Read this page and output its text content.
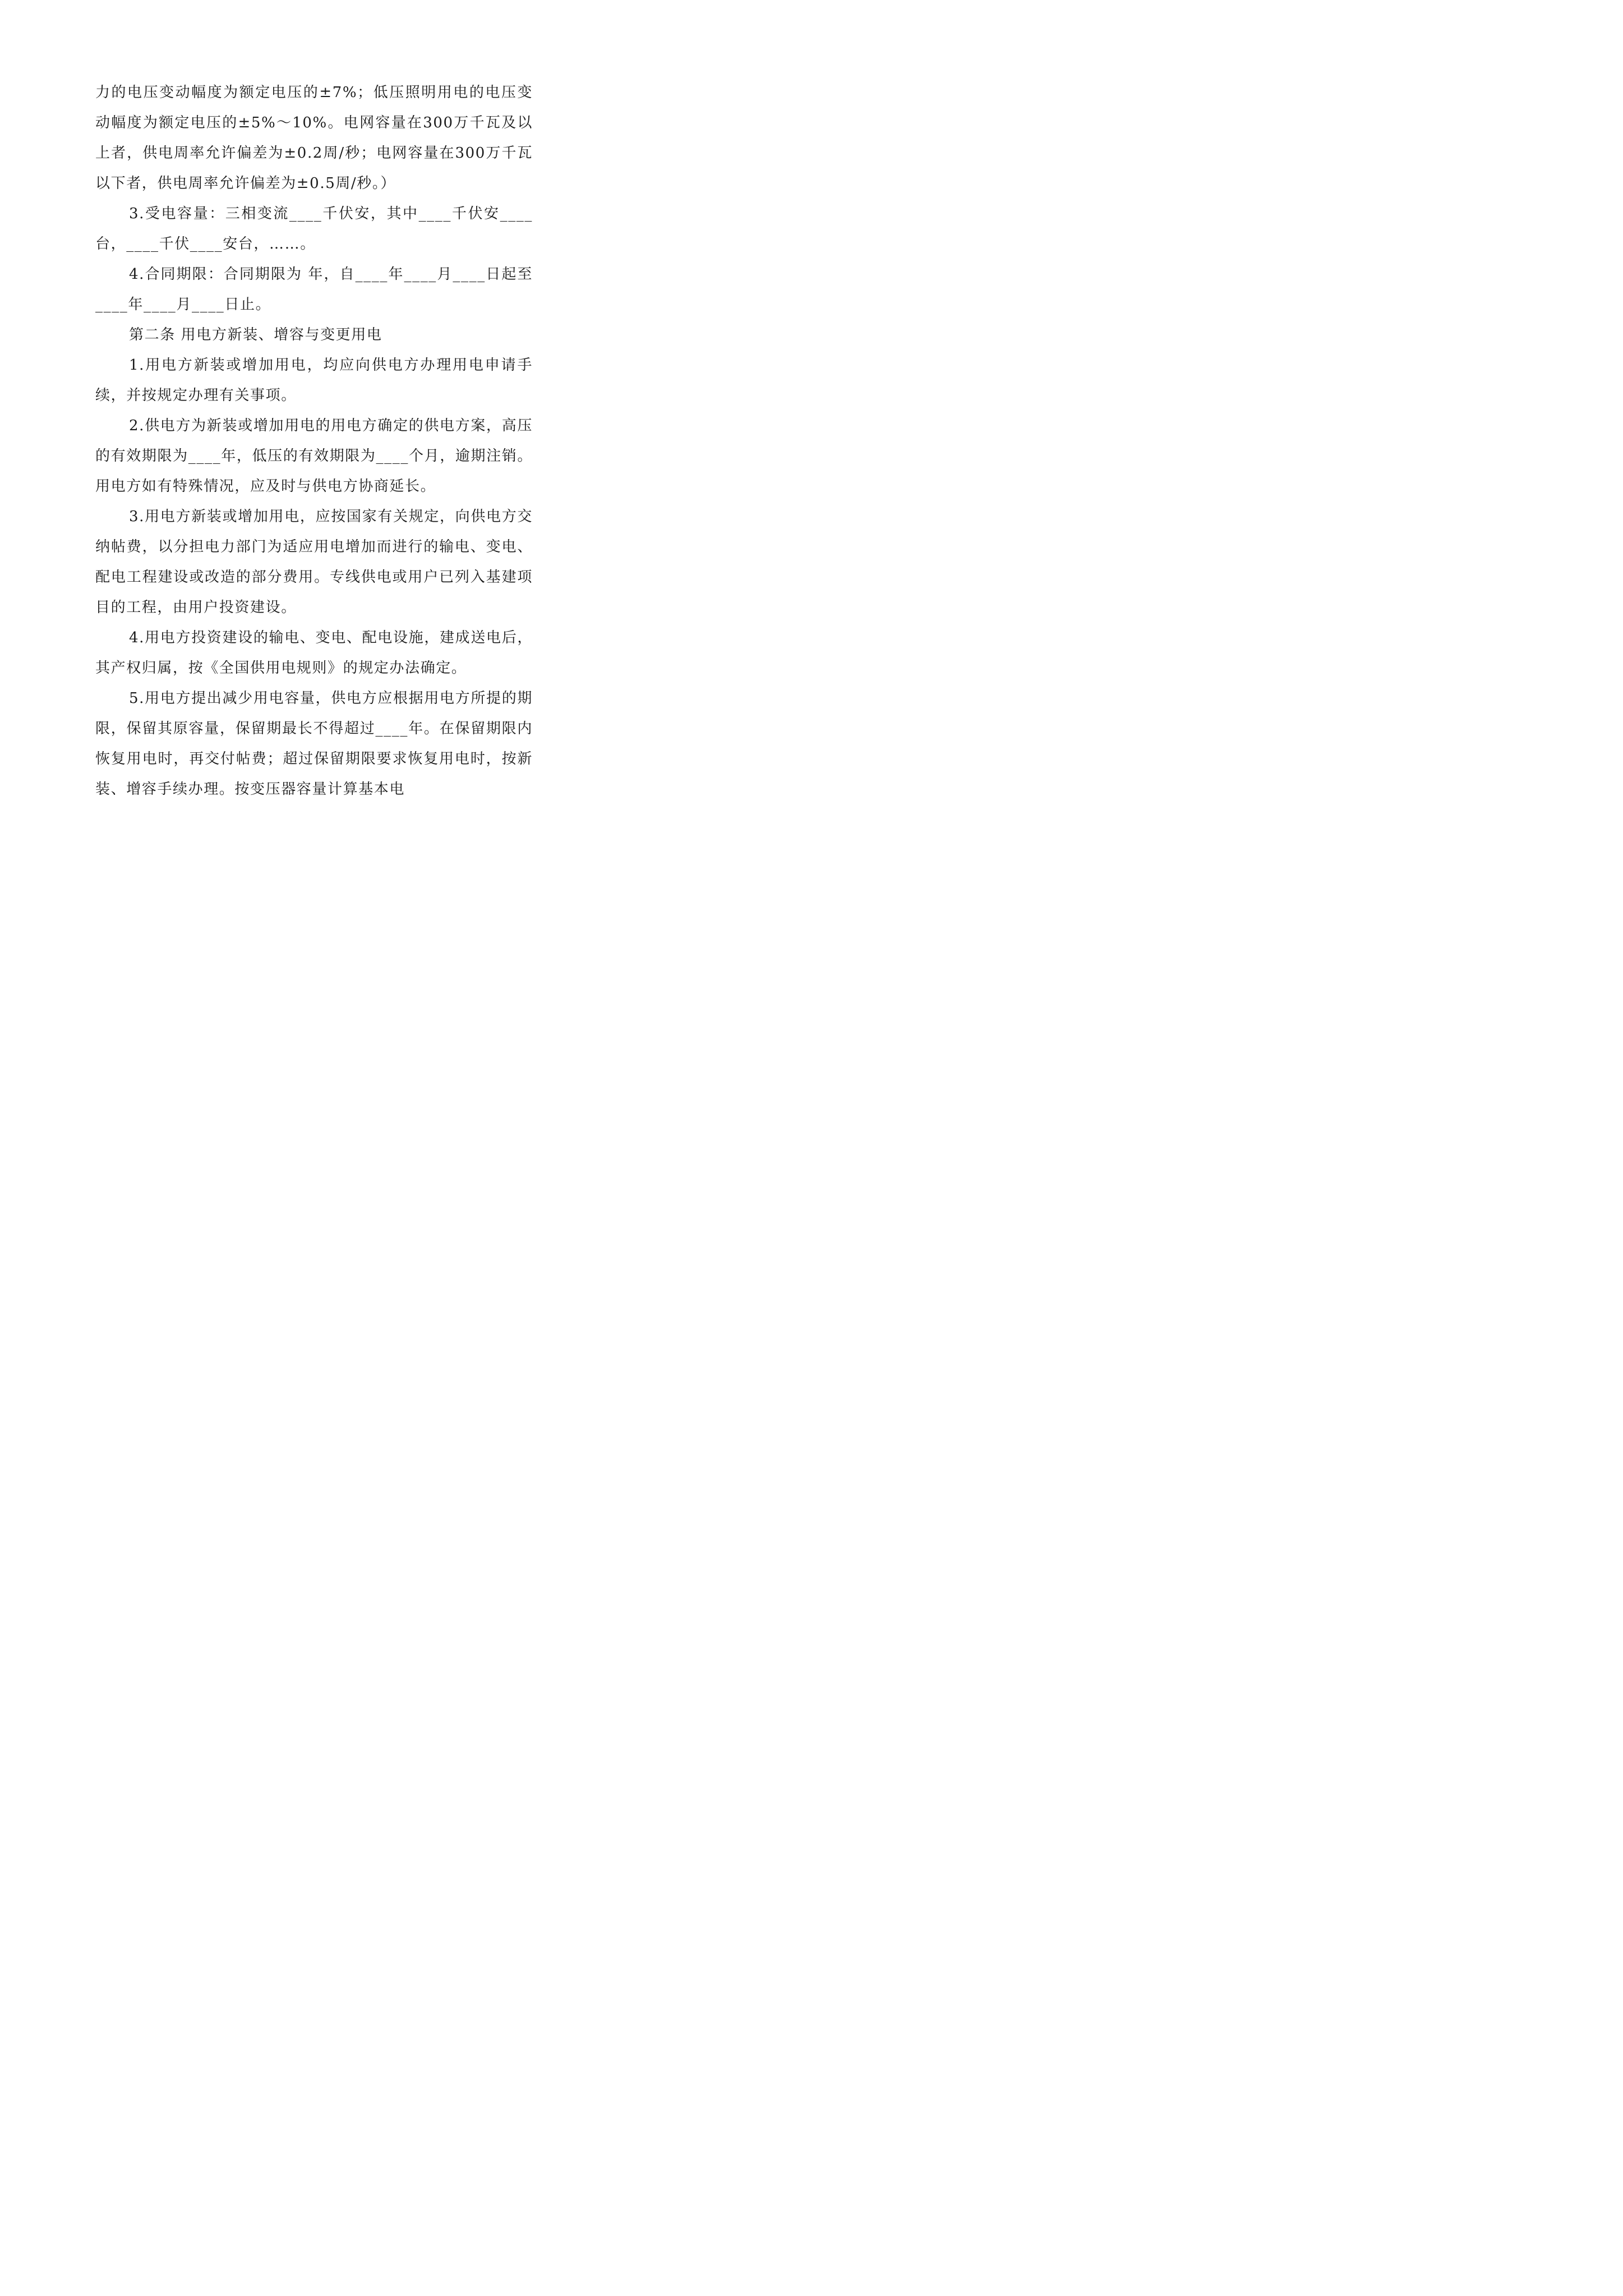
力的电压变动幅度为额定电压的±7%；低压照明用电的电压变动幅度为额定电压的±5%～10%。电网容量在300万千瓦及以上者，供电周率允许偏差为±0.2周/秒；电网容量在300万千瓦以下者，供电周率允许偏差为±0.5周/秒。）

3.受电容量：三相变流____千伏安，其中____千伏安____台，____千伏____安台，……。

4.合同期限：合同期限为 年，自____年____月____日起至____年____月____日止。

第二条 用电方新装、增容与变更用电

1.用电方新装或增加用电，均应向供电方办理用电申请手续，并按规定办理有关事项。

2.供电方为新装或增加用电的用电方确定的供电方案，高压的有效期限为____年，低压的有效期限为____个月，逾期注销。用电方如有特殊情况，应及时与供电方协商延长。

3.用电方新装或增加用电，应按国家有关规定，向供电方交纳帖费，以分担电力部门为适应用电增加而进行的输电、变电、配电工程建设或改造的部分费用。专线供电或用户已列入基建项目的工程，由用户投资建设。

4.用电方投资建设的输电、变电、配电设施，建成送电后，其产权归属，按《全国供用电规则》的规定办法确定。

5.用电方提出减少用电容量，供电方应根据用电方所提的期限，保留其原容量，保留期最长不得超过____年。在保留期限内恢复用电时，再交付帖费；超过保留期限要求恢复用电时，按新装、增容手续办理。按变压器容量计算基本电
